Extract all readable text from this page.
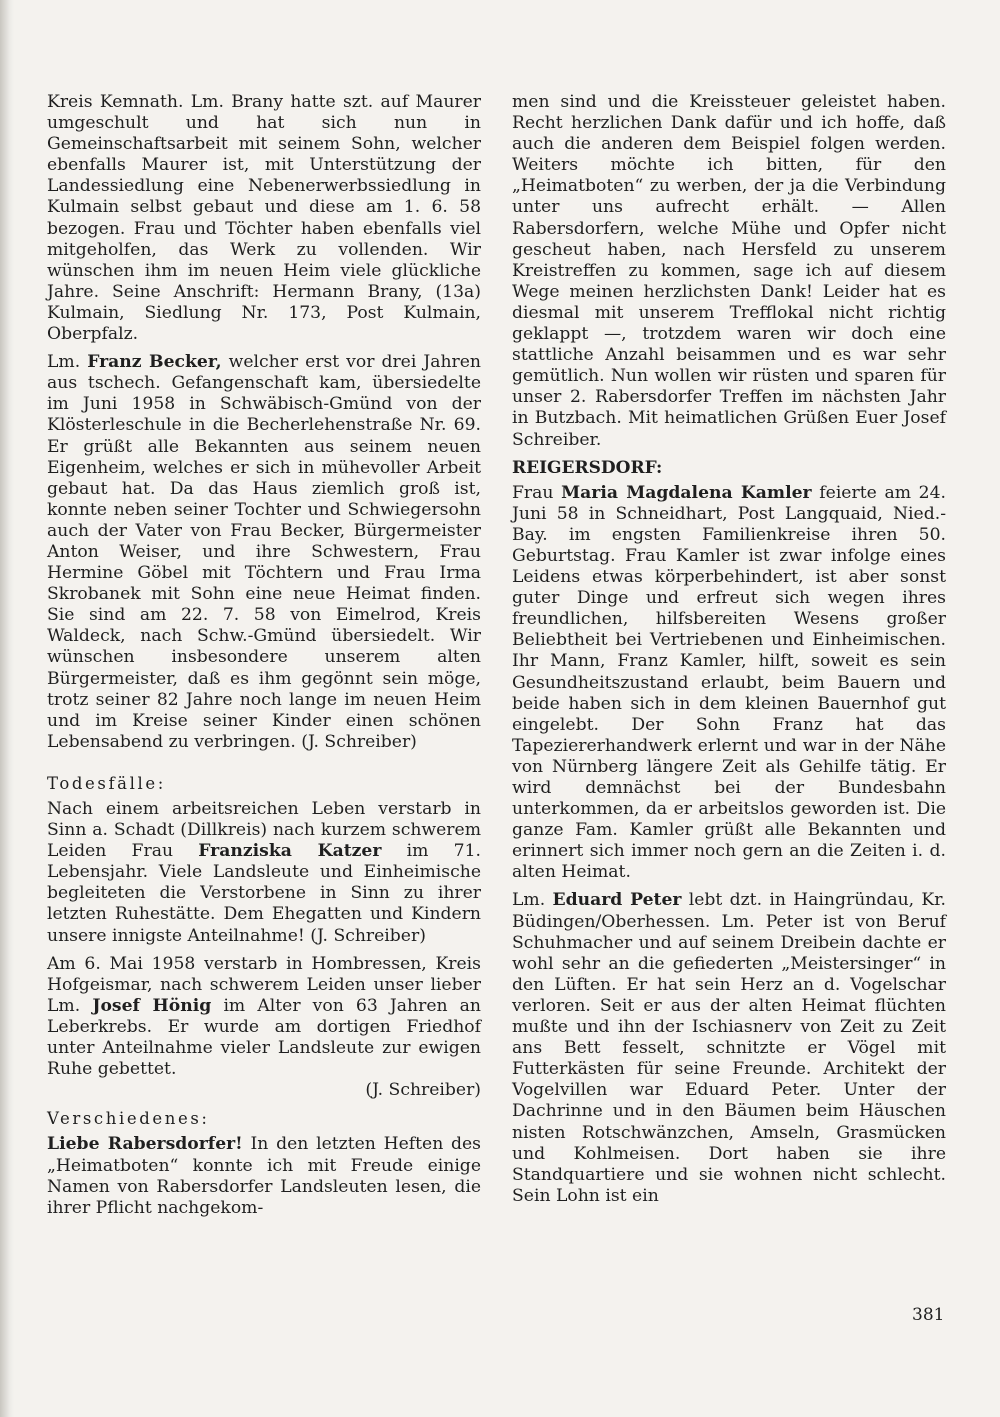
Kreis Kemnath. Lm. Brany hatte szt. auf Maurer umgeschult und hat sich nun in Gemeinschaftsarbeit mit seinem Sohn, welcher ebenfalls Maurer ist, mit Unterstützung der Landessiedlung eine Nebenerwerbssiedlung in Kulmain selbst gebaut und diese am 1. 6. 58 bezogen. Frau und Töchter haben ebenfalls viel mitgeholfen, das Werk zu vollenden. Wir wünschen ihm im neuen Heim viele glückliche Jahre. Seine Anschrift: Hermann Brany, (13a) Kulmain, Siedlung Nr. 173, Post Kulmain, Oberpfalz.

Lm. Franz Becker, welcher erst vor drei Jahren aus tschech. Gefangenschaft kam, übersiedelte im Juni 1958 in Schwäbisch-Gmünd von der Klösterleschule in die Becherlehenstraße Nr. 69. Er grüßt alle Bekannten aus seinem neuen Eigenheim, welches er sich in mühevoller Arbeit gebaut hat. Da das Haus ziemlich groß ist, konnte neben seiner Tochter und Schwiegersohn auch der Vater von Frau Becker, Bürgermeister Anton Weiser, und ihre Schwestern, Frau Hermine Göbel mit Töchtern und Frau Irma Skrobanek mit Sohn eine neue Heimat finden. Sie sind am 22. 7. 58 von Eimelrod, Kreis Waldeck, nach Schw.-Gmünd übersiedelt. Wir wünschen insbesondere unserem alten Bürgermeister, daß es ihm gegönnt sein möge, trotz seiner 82 Jahre noch lange im neuen Heim und im Kreise seiner Kinder einen schönen Lebensabend zu verbringen. (J. Schreiber)

Todesfälle:

Nach einem arbeitsreichen Leben verstarb in Sinn a. Schadt (Dillkreis) nach kurzem schwerem Leiden Frau Franziska Katzer im 71. Lebensjahr. Viele Landsleute und Einheimische begleiteten die Verstorbene in Sinn zu ihrer letzten Ruhestätte. Dem Ehegatten und Kindern unsere innigste Anteilnahme! (J. Schreiber)

Am 6. Mai 1958 verstarb in Hombressen, Kreis Hofgeismar, nach schwerem Leiden unser lieber Lm. Josef Hönig im Alter von 63 Jahren an Leberkrebs. Er wurde am dortigen Friedhof unter Anteilnahme vieler Landsleute zur ewigen Ruhe gebettet.

(J. Schreiber)

Verschiedenes:

Liebe Rabersdorfer! In den letzten Heften des „Heimatboten“ konnte ich mit Freude einige Namen von Rabersdorfer Landsleuten lesen, die ihrer Pflicht nachgekom-

men sind und die Kreissteuer geleistet haben. Recht herzlichen Dank dafür und ich hoffe, daß auch die anderen dem Beispiel folgen werden. Weiters möchte ich bitten, für den „Heimatboten“ zu werben, der ja die Verbindung unter uns aufrecht erhält. — Allen Rabersdorfern, welche Mühe und Opfer nicht gescheut haben, nach Hersfeld zu unserem Kreistreffen zu kommen, sage ich auf diesem Wege meinen herzlichsten Dank! Leider hat es diesmal mit unserem Trefflokal nicht richtig geklappt —, trotzdem waren wir doch eine stattliche Anzahl beisammen und es war sehr gemütlich. Nun wollen wir rüsten und sparen für unser 2. Rabersdorfer Treffen im nächsten Jahr in Butzbach. Mit heimatlichen Grüßen Euer Josef Schreiber.

REIGERSDORF:

Frau Maria Magdalena Kamler feierte am 24. Juni 58 in Schneidhart, Post Langquaid, Nied.-Bay. im engsten Familienkreise ihren 50. Geburtstag. Frau Kamler ist zwar infolge eines Leidens etwas körperbehindert, ist aber sonst guter Dinge und erfreut sich wegen ihres freundlichen, hilfsbereiten Wesens großer Beliebtheit bei Vertriebenen und Einheimischen. Ihr Mann, Franz Kamler, hilft, soweit es sein Gesundheitszustand erlaubt, beim Bauern und beide haben sich in dem kleinen Bauernhof gut eingelebt. Der Sohn Franz hat das Tapeziererhandwerk erlernt und war in der Nähe von Nürnberg längere Zeit als Gehilfe tätig. Er wird demnächst bei der Bundesbahn unterkommen, da er arbeitslos geworden ist. Die ganze Fam. Kamler grüßt alle Bekannten und erinnert sich immer noch gern an die Zeiten i. d. alten Heimat.

Lm. Eduard Peter lebt dzt. in Haingründau, Kr. Büdingen/Oberhessen. Lm. Peter ist von Beruf Schuhmacher und auf seinem Dreibein dachte er wohl sehr an die gefiederten „Meistersinger“ in den Lüften. Er hat sein Herz an d. Vogelschar verloren. Seit er aus der alten Heimat flüchten mußte und ihn der Ischiasnerv von Zeit zu Zeit ans Bett fesselt, schnitzte er Vögel mit Futterkästen für seine Freunde. Architekt der Vogelvillen war Eduard Peter. Unter der Dachrinne und in den Bäumen beim Häuschen nisten Rotschwänzchen, Amseln, Grasmücken und Kohlmeisen. Dort haben sie ihre Standquartiere und sie wohnen nicht schlecht. Sein Lohn ist ein

381
